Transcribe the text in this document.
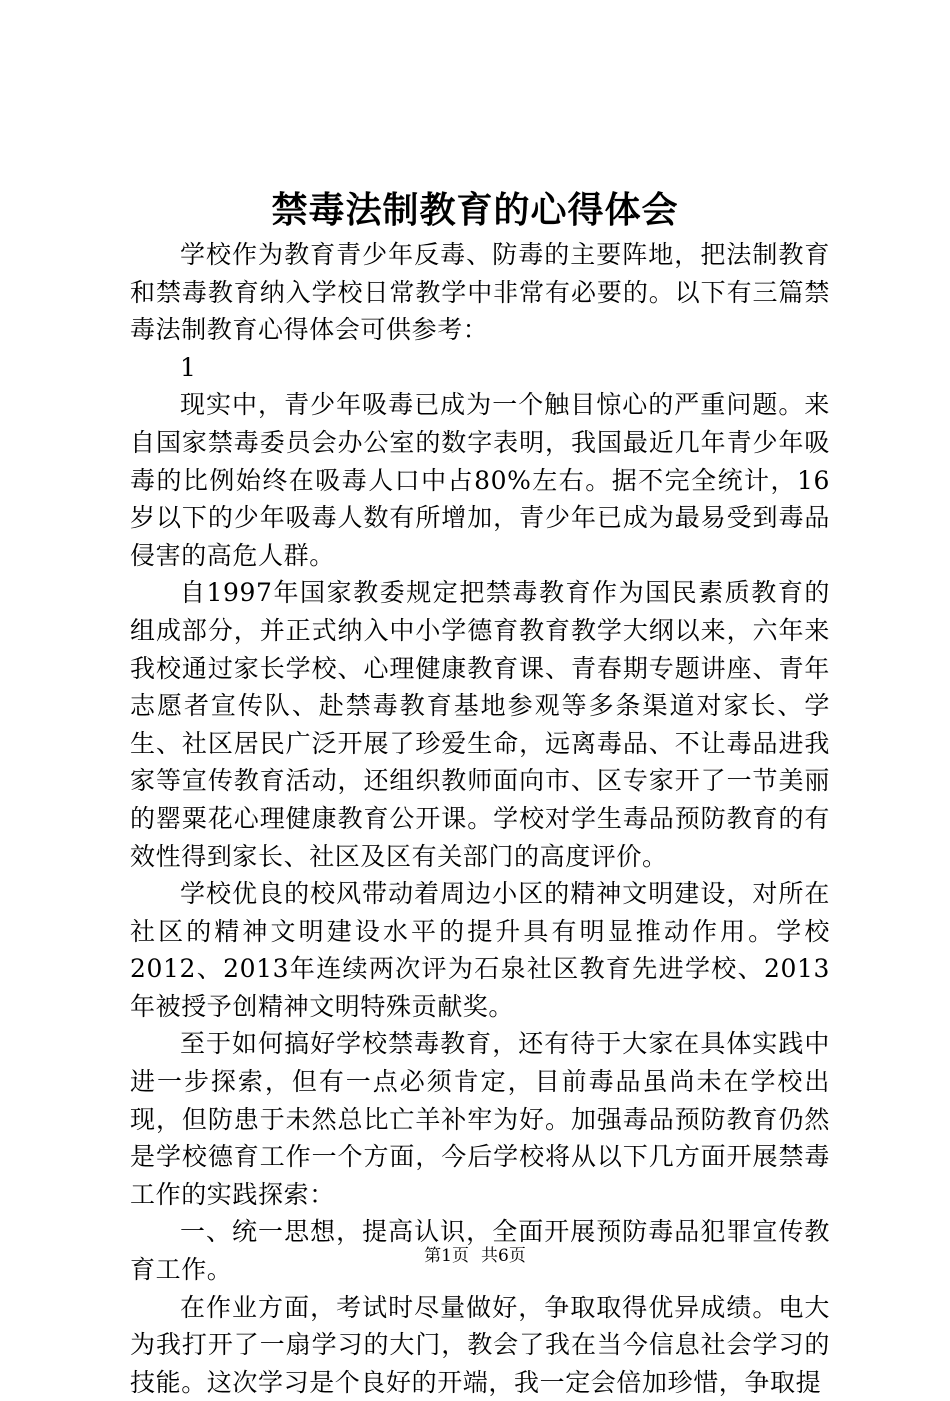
禁毒法制教育的心得体会

学校作为教育青少年反毒、防毒的主要阵地，把法制教育和禁毒教育纳入学校日常教学中非常有必要的。以下有三篇禁毒法制教育心得体会可供参考：

1

现实中，青少年吸毒已成为一个触目惊心的严重问题。来自国家禁毒委员会办公室的数字表明，我国最近几年青少年吸毒的比例始终在吸毒人口中占80%左右。据不完全统计，16岁以下的少年吸毒人数有所增加，青少年已成为最易受到毒品侵害的高危人群。

自1997年国家教委规定把禁毒教育作为国民素质教育的组成部分，并正式纳入中小学德育教育教学大纲以来，六年来我校通过家长学校、心理健康教育课、青春期专题讲座、青年志愿者宣传队、赴禁毒教育基地参观等多条渠道对家长、学生、社区居民广泛开展了珍爱生命，远离毒品、不让毒品进我家等宣传教育活动，还组织教师面向市、区专家开了一节美丽的罂粟花心理健康教育公开课。学校对学生毒品预防教育的有效性得到家长、社区及区有关部门的高度评价。

学校优良的校风带动着周边小区的精神文明建设，对所在社区的精神文明建设水平的提升具有明显推动作用。学校2012、2013年连续两次评为石泉社区教育先进学校、2013年被授予创精神文明特殊贡献奖。

至于如何搞好学校禁毒教育，还有待于大家在具体实践中进一步探索，但有一点必须肯定，目前毒品虽尚未在学校出现，但防患于未然总比亡羊补牢为好。加强毒品预防教育仍然是学校德育工作一个方面，今后学校将从以下几方面开展禁毒工作的实践探索：

一、统一思想，提高认识，全面开展预防毒品犯罪宣传教育工作。

在作业方面，考试时尽量做好，争取取得优异成绩。电大为我打开了一扇学习的大门，教会了我在当今信息社会学习的技能。这次学习是个良好的开端，我一定会倍加珍惜，争取提

第1页 共6页
